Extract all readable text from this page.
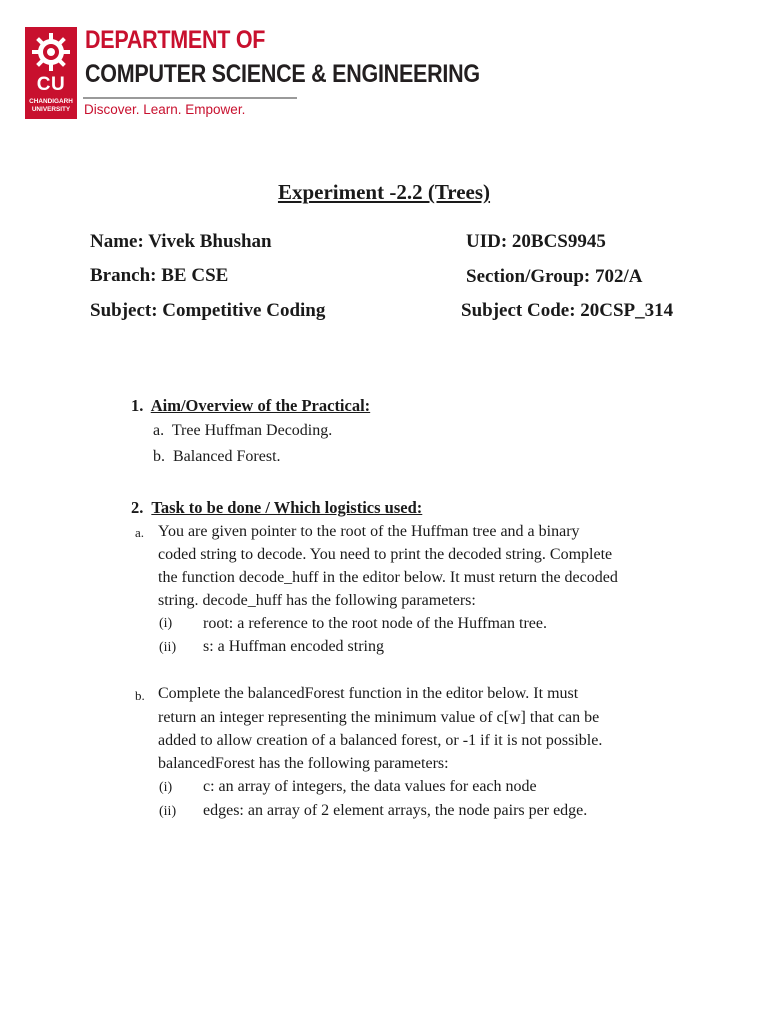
CU
CHANDIGARH
UNIVERSITY
DEPARTMENT OF
COMPUTER SCIENCE & ENGINEERING
Discover. Learn. Empower.
Experiment -2.2 (Trees)
Name: Vivek Bhushan	UID: 20BCS9945
Branch: BE CSE	Section/Group: 702/A
Subject: Competitive Coding	Subject Code: 20CSP_314
1. Aim/Overview of the Practical:
a. Tree Huffman Decoding.
b. Balanced Forest.
2. Task to be done / Which logistics used:
a. You are given pointer to the root of the Huffman tree and a binary
coded string to decode. You need to print the decoded string. Complete
the function decode_huff in the editor below. It must return the decoded
string. decode_huff has the following parameters:
(i) root: a reference to the root node of the Huffman tree.
(ii) s: a Huffman encoded string
b. Complete the balancedForest function in the editor below. It must
return an integer representing the minimum value of c[w] that can be
added to allow creation of a balanced forest, or -1 if it is not possible.
balancedForest has the following parameters:
(i) c: an array of integers, the data values for each node
(ii) edges: an array of 2 element arrays, the node pairs per edge.
